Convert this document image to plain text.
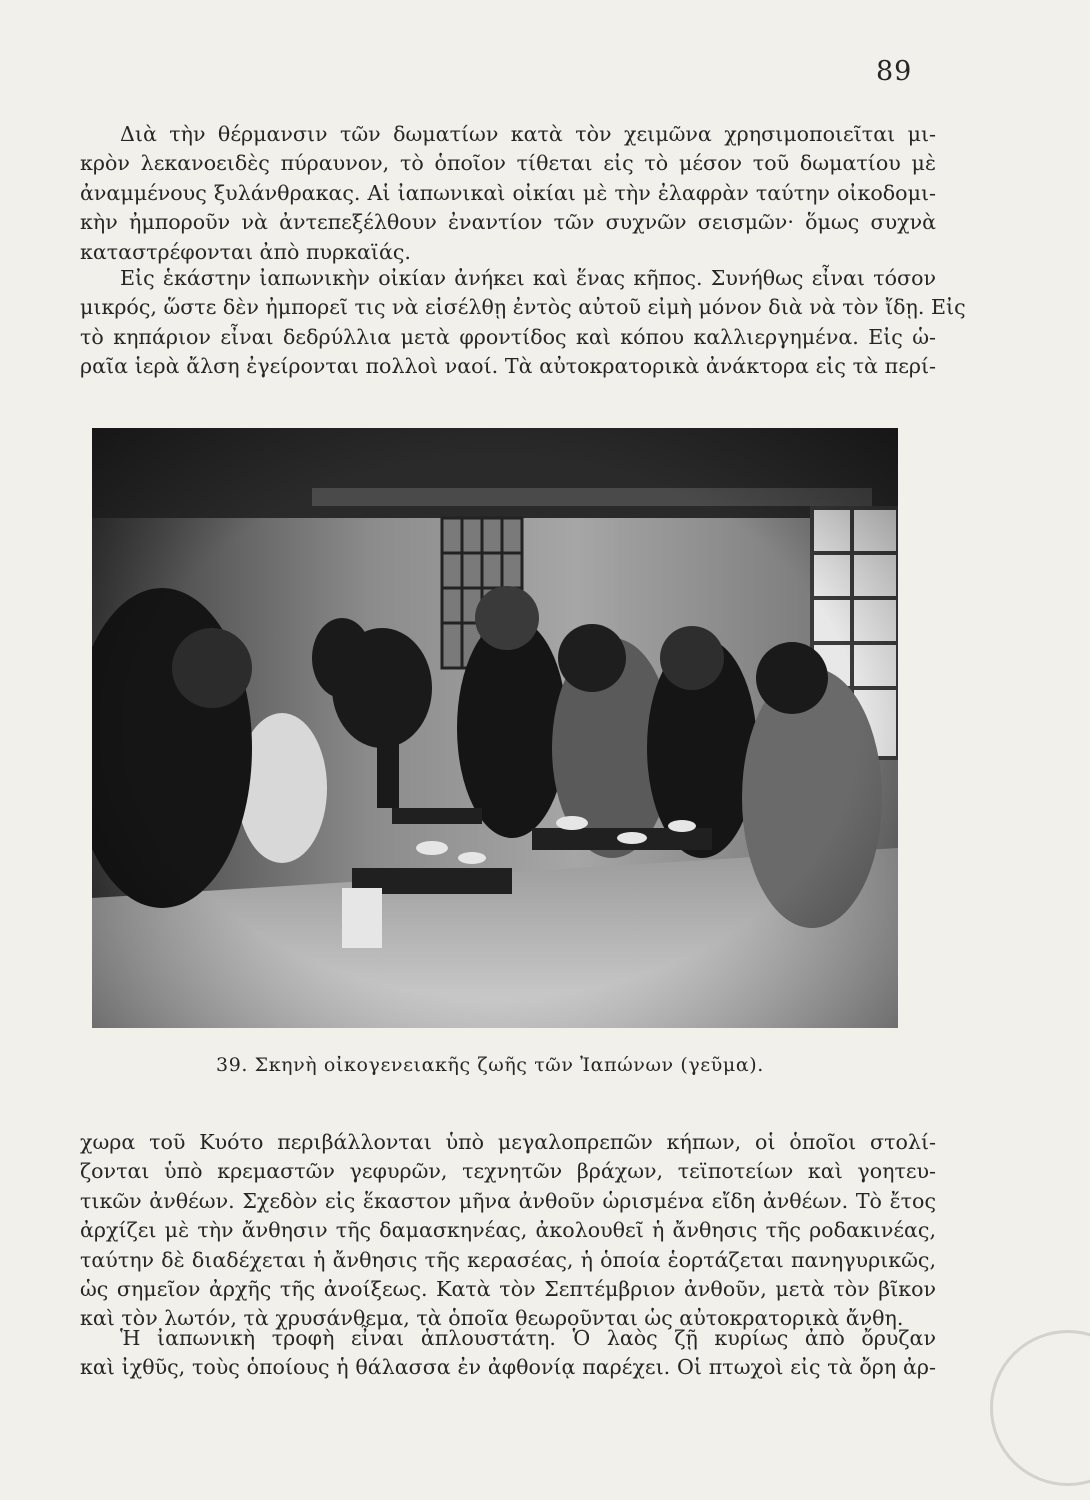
89

Διὰ τὴν θέρμανσιν τῶν δωματίων κατὰ τὸν χειμῶνα χρησιμοποιεῖται μι-
κρὸν λεκανοειδὲς πύραυνον, τὸ ὁποῖον τίθεται εἰς τὸ μέσον τοῦ δωματίου μὲ
ἀναμμένους ξυλάνθρακας. Αἱ ἰαπωνικαὶ οἰκίαι μὲ τὴν ἐλαφρὰν ταύτην οἰκοδομι-
κὴν ἠμποροῦν νὰ ἀντεπεξέλθουν ἐναντίον τῶν συχνῶν σεισμῶν· ὅμως συχνὰ
καταστρέφονται ἀπὸ πυρκαϊάς.

Εἰς ἑκάστην ἰαπωνικὴν οἰκίαν ἀνήκει καὶ ἕνας κῆπος. Συνήθως εἶναι τόσον
μικρός, ὥστε δὲν ἠμπορεῖ τις νὰ εἰσέλθῃ ἐντὸς αὐτοῦ εἰμὴ μόνον διὰ νὰ τὸν ἴδῃ. Εἰς
τὸ κηπάριον εἶναι δεδρύλλια μετὰ φροντίδος καὶ κόπου καλλιεργημένα. Εἰς ὡ-
ραῖα ἱερὰ ἄλση ἐγείρονται πολλοὶ ναοί. Τὰ αὐτοκρατορικὰ ἀνάκτορα εἰς τὰ περί-

39. Σκηνὴ οἰκογενειακῆς ζωῆς τῶν Ἰαπώνων (γεῦμα).

χωρα τοῦ Κυότο περιβάλλονται ὑπὸ μεγαλοπρεπῶν κήπων, οἱ ὁποῖοι στολί-
ζονται ὑπὸ κρεμαστῶν γεφυρῶν, τεχνητῶν βράχων, τεϊποτείων καὶ γοητευ-
τικῶν ἀνθέων. Σχεδὸν εἰς ἕκαστον μῆνα ἀνθοῦν ὡρισμένα εἴδη ἀνθέων. Τὸ ἔτος
ἀρχίζει μὲ τὴν ἄνθησιν τῆς δαμασκηνέας, ἀκολουθεῖ ἡ ἄνθησις τῆς ροδακινέας,
ταύτην δὲ διαδέχεται ἡ ἄνθησις τῆς κερασέας, ἡ ὁποία ἑορτάζεται πανηγυρικῶς,
ὡς σημεῖον ἀρχῆς τῆς ἀνοίξεως. Κατὰ τὸν Σεπτέμβριον ἀνθοῦν, μετὰ τὸν βῖκον
καὶ τὸν λωτόν, τὰ χρυσάνθεμα, τὰ ὁποῖα θεωροῦνται ὡς αὐτοκρατορικὰ ἄνθη.

Ἡ ἰαπωνικὴ τροφὴ εἶναι ἁπλουστάτη. Ὁ λαὸς ζῇ κυρίως ἀπὸ ὄρυζαν
καὶ ἰχθῦς, τοὺς ὁποίους ἡ θάλασσα ἐν ἀφθονίᾳ παρέχει. Οἱ πτωχοὶ εἰς τὰ ὄρη ἀρ-
